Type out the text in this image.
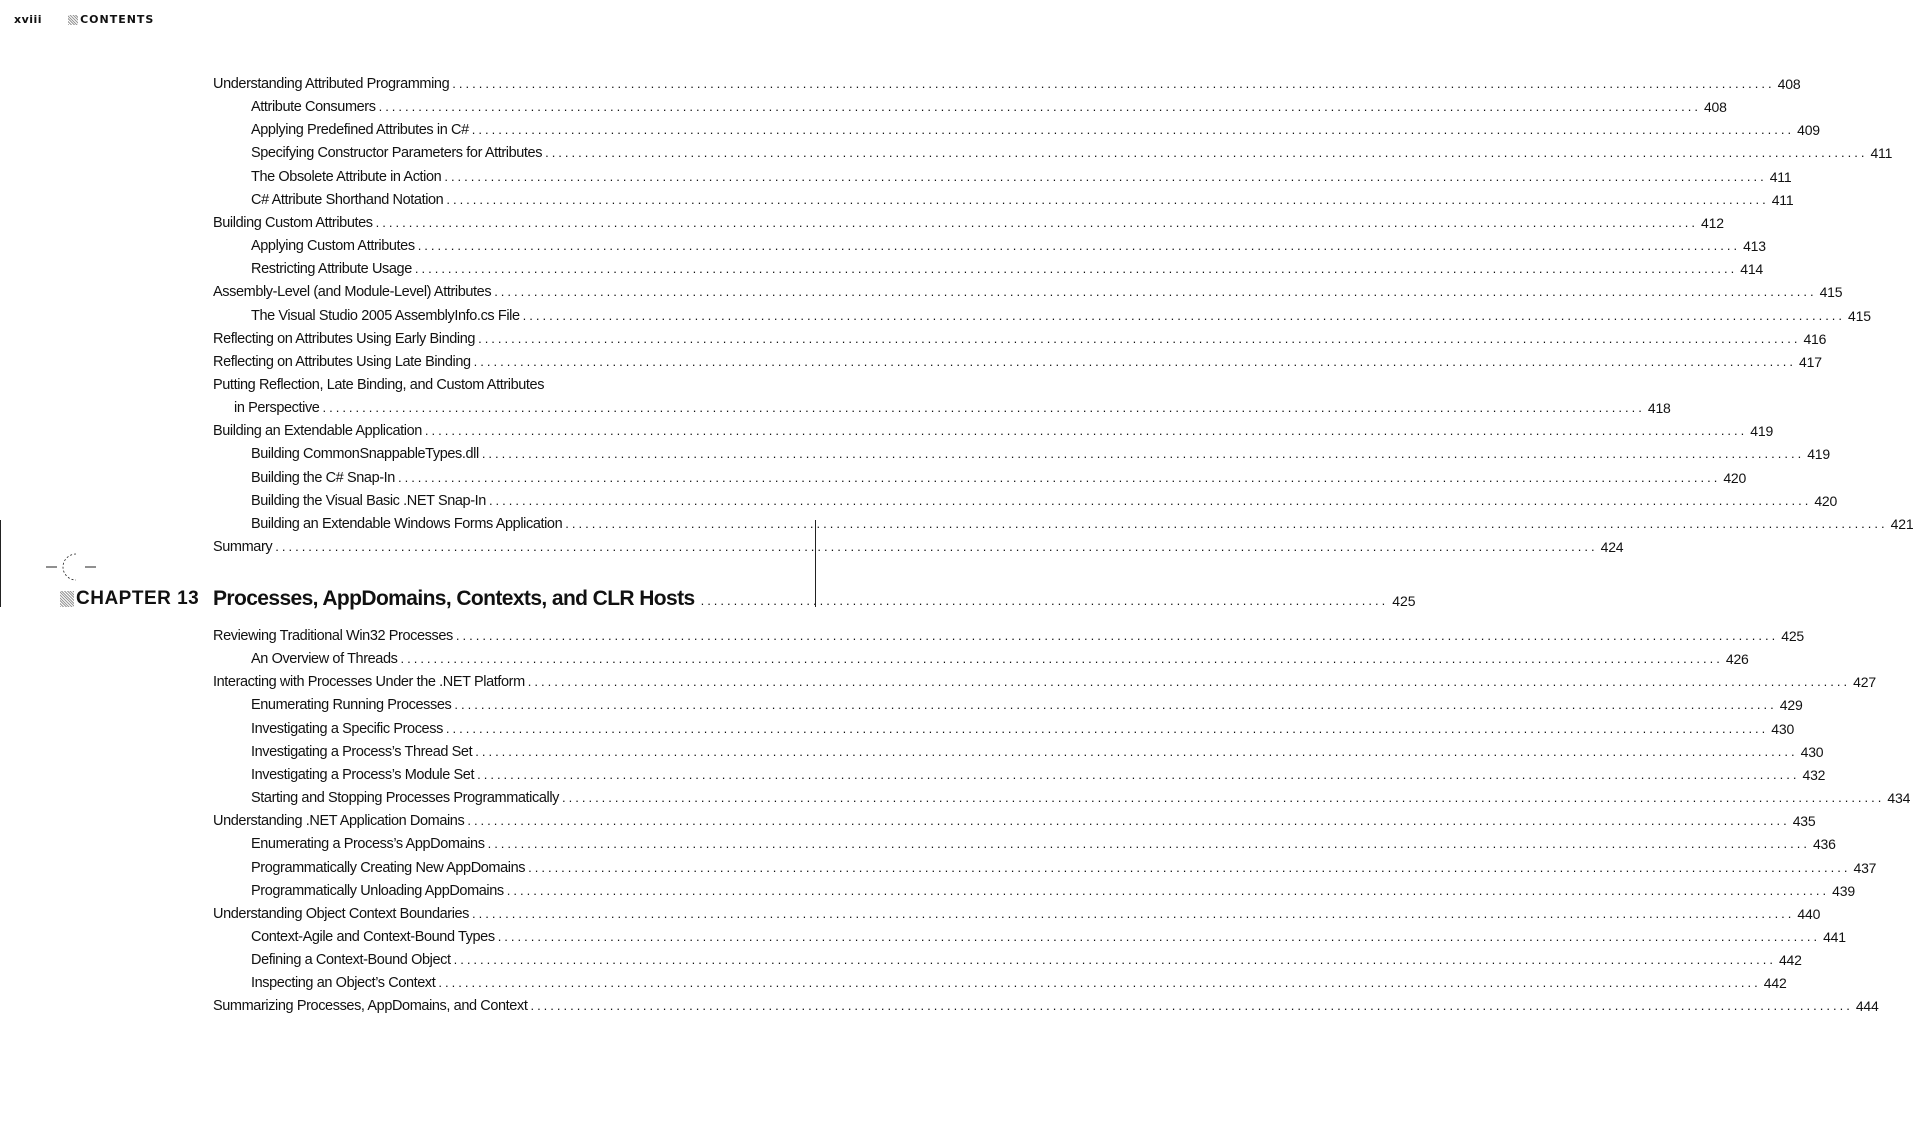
xviii	CONTENTS
Understanding Attributed Programming ........................................................................................................................................................................................................ 408
Attribute Consumers ........................................................................................................................................................................................................ 408
Applying Predefined Attributes in C# ........................................................................................................................................................................................................ 409
Specifying Constructor Parameters for Attributes ........................................................................................................................................................................................................ 411
The Obsolete Attribute in Action ........................................................................................................................................................................................................ 411
C# Attribute Shorthand Notation ........................................................................................................................................................................................................ 411
Building Custom Attributes ........................................................................................................................................................................................................ 412
Applying Custom Attributes ........................................................................................................................................................................................................ 413
Restricting Attribute Usage ........................................................................................................................................................................................................ 414
Assembly-Level (and Module-Level) Attributes ........................................................................................................................................................................................................ 415
The Visual Studio 2005 AssemblyInfo.cs File ........................................................................................................................................................................................................ 415
Reflecting on Attributes Using Early Binding ........................................................................................................................................................................................................ 416
Reflecting on Attributes Using Late Binding ........................................................................................................................................................................................................ 417
Putting Reflection, Late Binding, and Custom Attributes
in Perspective ........................................................................................................................................................................................................ 418
Building an Extendable Application ........................................................................................................................................................................................................ 419
Building CommonSnappableTypes.dll ........................................................................................................................................................................................................ 419
Building the C# Snap-In ........................................................................................................................................................................................................ 420
Building the Visual Basic .NET Snap-In ........................................................................................................................................................................................................ 420
Building an Extendable Windows Forms Application ........................................................................................................................................................................................................ 421
Summary ........................................................................................................................................................................................................ 424
CHAPTER 13 Processes, AppDomains, Contexts, and CLR Hosts ........................................................................................................ 425
Reviewing Traditional Win32 Processes ........................................................................................................................................................................................................ 425
An Overview of Threads ........................................................................................................................................................................................................ 426
Interacting with Processes Under the .NET Platform ........................................................................................................................................................................................................ 427
Enumerating Running Processes ........................................................................................................................................................................................................ 429
Investigating a Specific Process ........................................................................................................................................................................................................ 430
Investigating a Process’s Thread Set ........................................................................................................................................................................................................ 430
Investigating a Process’s Module Set ........................................................................................................................................................................................................ 432
Starting and Stopping Processes Programmatically ........................................................................................................................................................................................................ 434
Understanding .NET Application Domains ........................................................................................................................................................................................................ 435
Enumerating a Process’s AppDomains ........................................................................................................................................................................................................ 436
Programmatically Creating New AppDomains ........................................................................................................................................................................................................ 437
Programmatically Unloading AppDomains ........................................................................................................................................................................................................ 439
Understanding Object Context Boundaries ........................................................................................................................................................................................................ 440
Context-Agile and Context-Bound Types ........................................................................................................................................................................................................ 441
Defining a Context-Bound Object ........................................................................................................................................................................................................ 442
Inspecting an Object’s Context ........................................................................................................................................................................................................ 442
Summarizing Processes, AppDomains, and Context ........................................................................................................................................................................................................ 444
